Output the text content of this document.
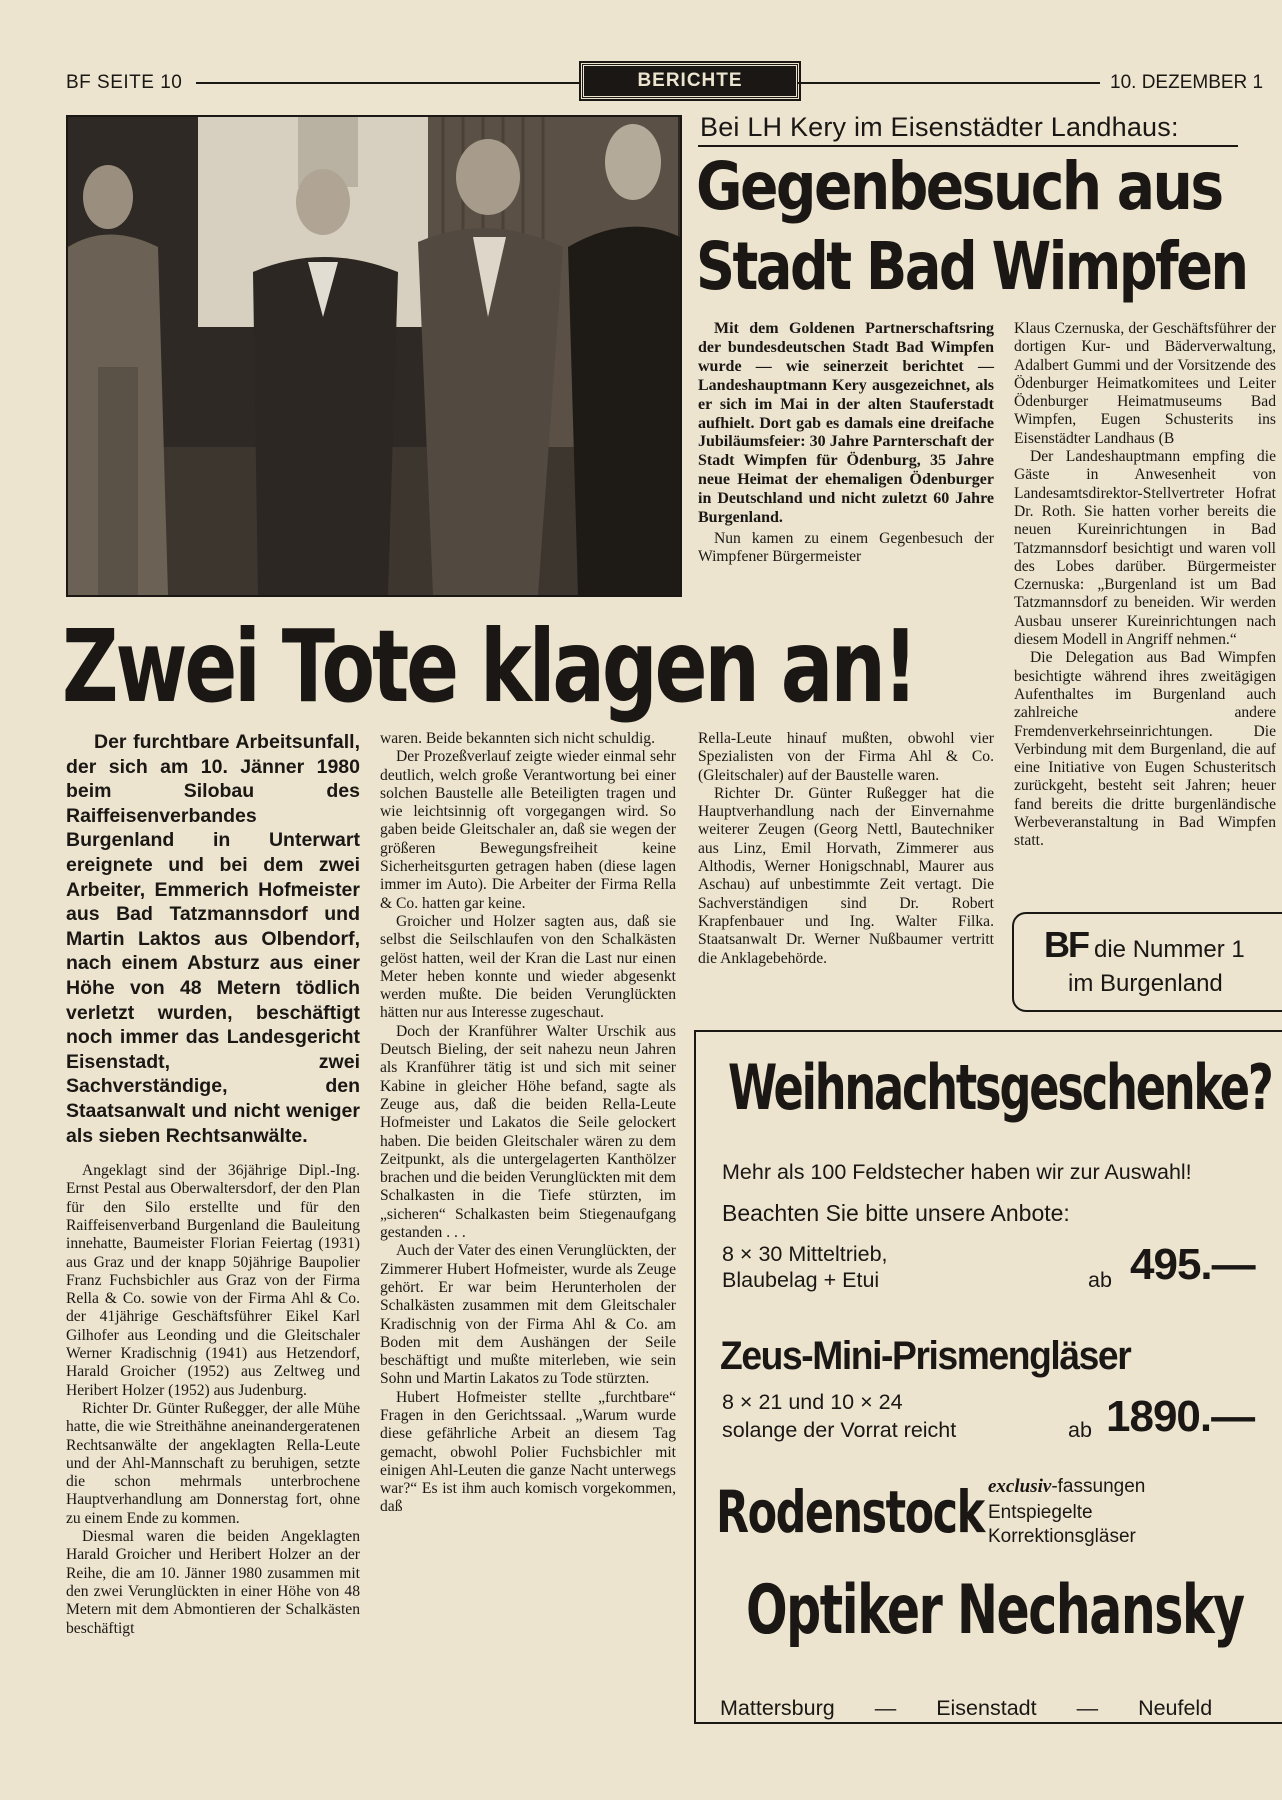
BF SEITE 10	BERICHTE	10. DEZEMBER 1
Bei LH Kery im Eisenstädter Landhaus:
Gegenbesuch aus
Stadt Bad Wimpfen
Mit dem Goldenen Partnerschaftsring der bundesdeutschen Stadt Bad Wimpfen wurde — wie seinerzeit berichtet — Landeshauptmann Kery ausgezeichnet, als er sich im Mai in der alten Stauferstadt aufhielt. Dort gab es damals eine dreifache Jubiläumsfeier: 30 Jahre Parnterschaft der Stadt Wimpfen für Ödenburg, 35 Jahre neue Heimat der ehemaligen Ödenburger in Deutschland und nicht zuletzt 60 Jahre Burgenland.
Nun kamen zu einem Gegenbesuch der Wimpfener Bürgermeister

Klaus Czernuska, der Geschäftsführer der dortigen Kur- und Bäderverwaltung, Adalbert Gummi und der Vorsitzende des Ödenburger Heimatkomitees und Leiter Ödenburger Heimatmuseums Bad Wimpfen, Eugen Schusterits ins Eisenstädter Landhaus (B

Der Landeshauptmann empfing die Gäste in Anwesenheit von Landesamtsdirektor-Stellvertreter Hofrat Dr. Roth. Sie hatten vorher bereits die neuen Kureinrichtungen in Bad Tatzmannsdorf besichtigt und waren voll des Lobes darüber. Bürgermeister Czernuska: „Burgenland ist um Bad Tatzmannsdorf zu beneiden. Wir werden Ausbau unserer Kureinrichtungen nach diesem Modell in Angriff nehmen.“

Die Delegation aus Bad Wimpfen besichtigte während ihres zweitägigen Aufenthaltes im Burgenland auch zahlreiche andere Fremdenverkehrseinrichtungen. Die Verbindung mit dem Burgenland, die auf eine Initiative von Eugen Schusteritsch zurückgeht, besteht seit Jahren; heuer fand bereits die dritte burgenländische Werbeveranstaltung in Bad Wimpfen statt.

BF die Nummer 1
im Burgenland
Zwei Tote klagen an!
Der furchtbare Arbeitsunfall, der sich am 10. Jänner 1980 beim Silobau des Raiffeisenverbandes Burgenland in Unterwart ereignete und bei dem zwei Arbeiter, Emmerich Hofmeister aus Bad Tatzmannsdorf und Martin Laktos aus Olbendorf, nach einem Absturz aus einer Höhe von 48 Metern tödlich verletzt wurden, beschäftigt noch immer das Landesgericht Eisenstadt, zwei Sachverständige, den Staatsanwalt und nicht weniger als sieben Rechtsanwälte.

Angeklagt sind der 36jährige Dipl.-Ing. Ernst Pestal aus Oberwaltersdorf, der den Plan für den Silo erstellte und für den Raiffeisenverband Burgenland die Bauleitung innehatte, Baumeister Florian Feiertag (1931) aus Graz und der knapp 50jährige Baupolier Franz Fuchsbichler aus Graz von der Firma Rella & Co. sowie von der Firma Ahl & Co. der 41jährige Geschäftsführer Eikel Karl Gilhofer aus Leonding und die Gleitschaler Werner Kradischnig (1941) aus Hetzendorf, Harald Groicher (1952) aus Zeltweg und Heribert Holzer (1952) aus Judenburg.

Richter Dr. Günter Rußegger, der alle Mühe hatte, die wie Streithähne aneinandergeratenen Rechtsanwälte der angeklagten Rella-Leute und der Ahl-Mannschaft zu beruhigen, setzte die schon mehrmals unterbrochene Hauptverhandlung am Donnerstag fort, ohne zu einem Ende zu kommen.

Diesmal waren die beiden Angeklagten Harald Groicher und Heribert Holzer an der Reihe, die am 10. Jänner 1980 zusammen mit den zwei Verunglückten in einer Höhe von 48 Metern mit dem Abmontieren der Schalkästen beschäftigt

waren. Beide bekannten sich nicht schuldig.

Der Prozeßverlauf zeigte wieder einmal sehr deutlich, welch große Verantwortung bei einer solchen Baustelle alle Beteiligten tragen und wie leichtsinnig oft vorgegangen wird. So gaben beide Gleitschaler an, daß sie wegen der größeren Bewegungsfreiheit keine Sicherheitsgurten getragen haben (diese lagen immer im Auto). Die Arbeiter der Firma Rella & Co. hatten gar keine.

Groicher und Holzer sagten aus, daß sie selbst die Seilschlaufen von den Schalkästen gelöst hatten, weil der Kran die Last nur einen Meter heben konnte und wieder abgesenkt werden mußte. Die beiden Verunglückten hätten nur aus Interesse zugeschaut.

Doch der Kranführer Walter Urschik aus Deutsch Bieling, der seit nahezu neun Jahren als Kranführer tätig ist und sich mit seiner Kabine in gleicher Höhe befand, sagte als Zeuge aus, daß die beiden Rella-Leute Hofmeister und Lakatos die Seile gelockert haben. Die beiden Gleitschaler wären zu dem Zeitpunkt, als die untergelagerten Kanthölzer brachen und die beiden Verunglückten mit dem Schalkasten in die Tiefe stürzten, im „sicheren“ Schalkasten beim Stiegenaufgang gestanden . . .

Auch der Vater des einen Verunglückten, der Zimmerer Hubert Hofmeister, wurde als Zeuge gehört. Er war beim Herunterholen der Schalkästen zusammen mit dem Gleitschaler Kradischnig von der Firma Ahl & Co. am Boden mit dem Aushängen der Seile beschäftigt und mußte miterleben, wie sein Sohn und Martin Lakatos zu Tode stürzten.

Hubert Hofmeister stellte „furchtbare“ Fragen in den Gerichtssaal. „Warum wurde diese gefährliche Arbeit an diesem Tag gemacht, obwohl Polier Fuchsbichler mit einigen Ahl-Leuten die ganze Nacht unterwegs war?“ Es ist ihm auch komisch vorgekommen, daß

Rella-Leute hinauf mußten, obwohl vier Spezialisten von der Firma Ahl & Co. (Gleitschaler) auf der Baustelle waren.

Richter Dr. Günter Rußegger hat die Hauptverhandlung nach der Einvernahme weiterer Zeugen (Georg Nettl, Bautechniker aus Linz, Emil Horvath, Zimmerer aus Althodis, Werner Honigschnabl, Maurer aus Aschau) auf unbestimmte Zeit vertagt. Die Sachverständigen sind Dr. Robert Krapfenbauer und Ing. Walter Filka. Staatsanwalt Dr. Werner Nußbaumer vertritt die Anklagebehörde.

Weihnachtsgeschenke?
Mehr als 100 Feldstecher haben wir zur Auswahl!
Beachten Sie bitte unsere Anbote:
8 × 30 Mitteltrieb,
Blaubelag + Etui	ab 495.—
Zeus-Mini-Prismengläser
8 × 21 und 10 × 24
solange der Vorrat reicht	ab 1890.—
Rodenstock exclusiv-fassungen
Entspiegelte
Korrektionsgläser
Optiker Nechansky
Mattersburg — Eisenstadt — Neufeld
